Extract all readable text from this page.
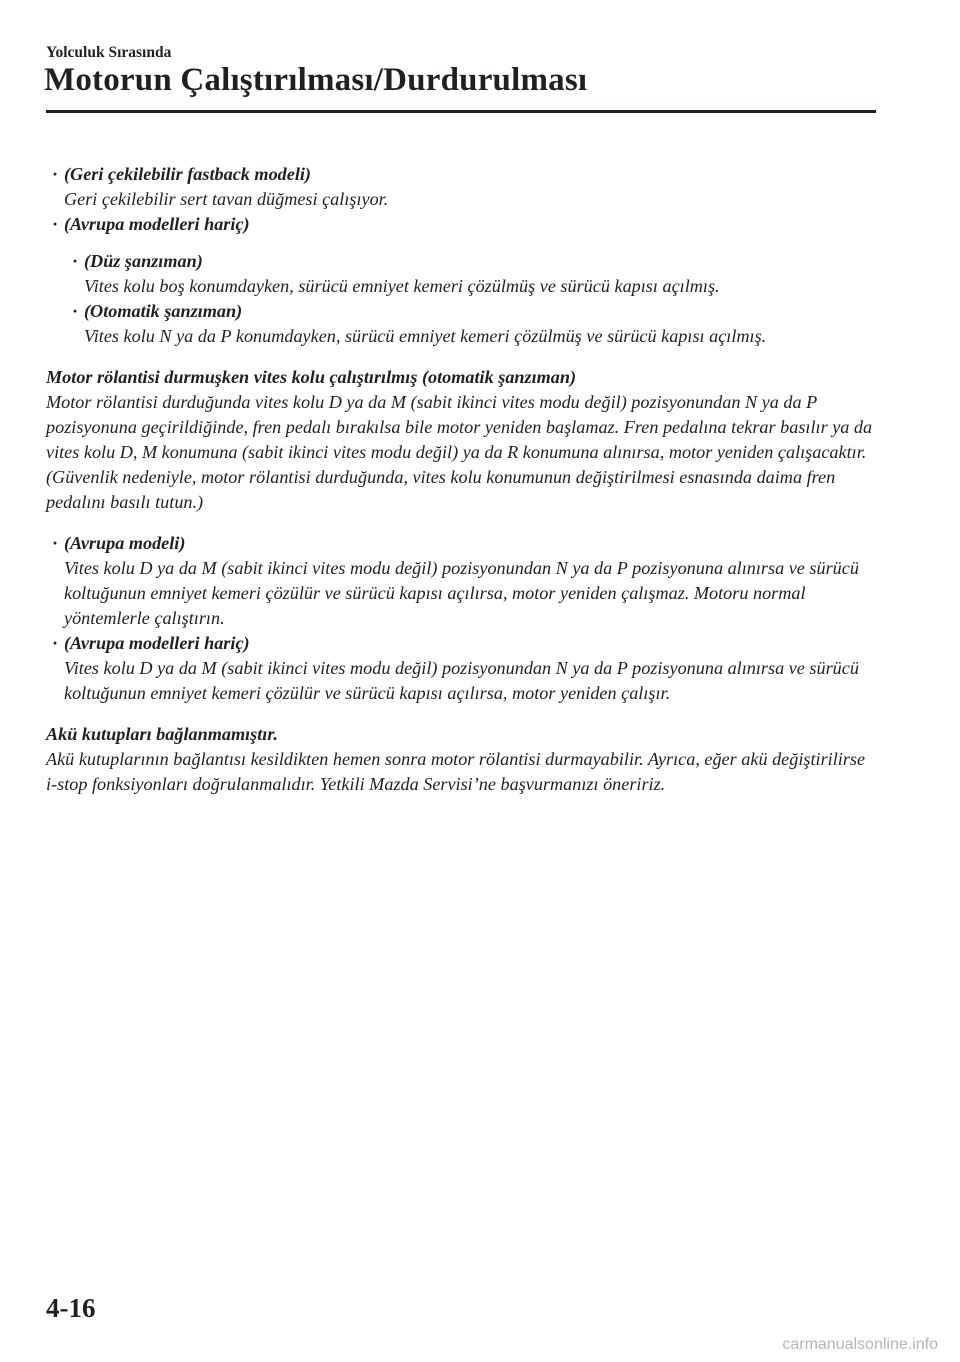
Yolculuk Sırasında
Motorun Çalıştırılması/Durdurulması
· (Geri çekilebilir fastback modeli)
Geri çekilebilir sert tavan düğmesi çalışıyor.
· (Avrupa modelleri hariç)
· (Düz şanzıman)
Vites kolu boş konumdayken, sürücü emniyet kemeri çözülmüş ve sürücü kapısı açılmış.
· (Otomatik şanzıman)
Vites kolu N ya da P konumdayken, sürücü emniyet kemeri çözülmüş ve sürücü kapısı açılmış.
Motor rölantisi durmuşken vites kolu çalıştırılmış (otomatik şanzıman)
Motor rölantisi durduğunda vites kolu D ya da M (sabit ikinci vites modu değil) pozisyonundan N ya da P pozisyonuna geçirildiğinde, fren pedalı bırakılsa bile motor yeniden başlamaz. Fren pedalına tekrar basılır ya da vites kolu D, M konumuna (sabit ikinci vites modu değil) ya da R konumuna alınırsa, motor yeniden çalışacaktır. (Güvenlik nedeniyle, motor rölantisi durduğunda, vites kolu konumunun değiştirilmesi esnasında daima fren pedalını basılı tutun.)
· (Avrupa modeli)
Vites kolu D ya da M (sabit ikinci vites modu değil) pozisyonundan N ya da P pozisyonuna alınırsa ve sürücü koltuğunun emniyet kemeri çözülür ve sürücü kapısı açılırsa, motor yeniden çalışmaz. Motoru normal yöntemlerle çalıştırın.
· (Avrupa modelleri hariç)
Vites kolu D ya da M (sabit ikinci vites modu değil) pozisyonundan N ya da P pozisyonuna alınırsa ve sürücü koltuğunun emniyet kemeri çözülür ve sürücü kapısı açılırsa, motor yeniden çalışır.
Akü kutupları bağlanmamıştır.
Akü kutuplarının bağlantısı kesildikten hemen sonra motor rölantisi durmayabilir. Ayrıca, eğer akü değiştirilirse i-stop fonksiyonları doğrulanmalıdır. Yetkili Mazda Servisi’ne başvurmanızı öneririz.
4-16
carmanualsonline.info
